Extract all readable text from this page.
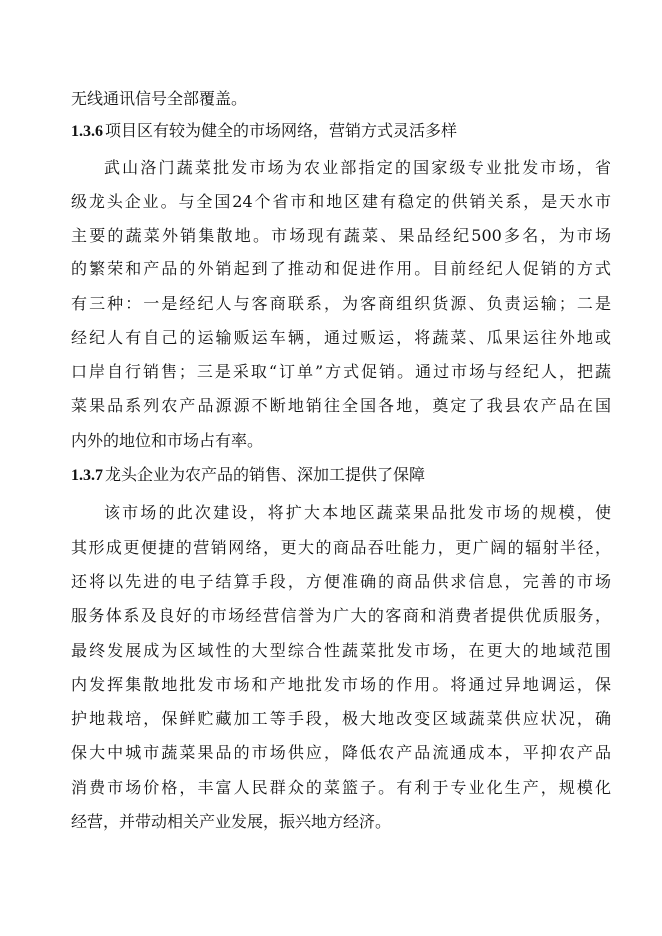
无线通讯信号全部覆盖。
1.3.6 项目区有较为健全的市场网络，营销方式灵活多样
武山洛门蔬菜批发市场为农业部指定的国家级专业批发市场，省
级龙头企业。与全国24个省市和地区建有稳定的供销关系，是天水市
主要的蔬菜外销集散地。市场现有蔬菜、果品经纪500多名，为市场
的繁荣和产品的外销起到了推动和促进作用。目前经纪人促销的方式
有三种：一是经纪人与客商联系，为客商组织货源、负责运输；二是
经纪人有自己的运输贩运车辆，通过贩运，将蔬菜、瓜果运往外地或
口岸自行销售；三是采取“订单”方式促销。通过市场与经纪人，把蔬
菜果品系列农产品源源不断地销往全国各地，奠定了我县农产品在国
内外的地位和市场占有率。
1.3.7 龙头企业为农产品的销售、深加工提供了保障
该市场的此次建设，将扩大本地区蔬菜果品批发市场的规模，使
其形成更便捷的营销网络，更大的商品吞吐能力，更广阔的辐射半径，
还将以先进的电子结算手段，方便准确的商品供求信息，完善的市场
服务体系及良好的市场经营信誉为广大的客商和消费者提供优质服务，
最终发展成为区域性的大型综合性蔬菜批发市场，在更大的地域范围
内发挥集散地批发市场和产地批发市场的作用。将通过异地调运，保
护地栽培，保鲜贮藏加工等手段，极大地改变区域蔬菜供应状况，确
保大中城市蔬菜果品的市场供应，降低农产品流通成本，平抑农产品
消费市场价格，丰富人民群众的菜篮子。有利于专业化生产，规模化
经营，并带动相关产业发展，振兴地方经济。
